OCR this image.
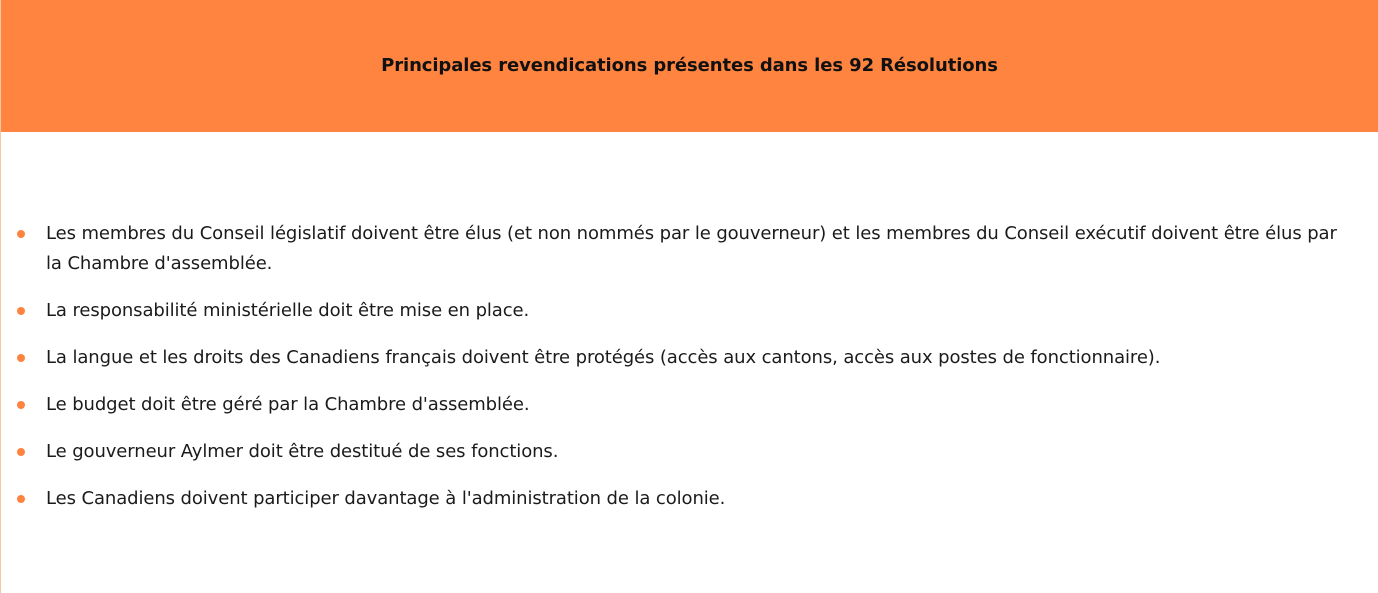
Principales revendications présentes dans les 92 Résolutions
Les membres du Conseil législatif doivent être élus (et non nommés par le gouverneur) et les membres du Conseil exécutif doivent être élus par la Chambre d'assemblée.
La responsabilité ministérielle doit être mise en place.
La langue et les droits des Canadiens français doivent être protégés (accès aux cantons, accès aux postes de fonctionnaire).
Le budget doit être géré par la Chambre d'assemblée.
Le gouverneur Aylmer doit être destitué de ses fonctions.
Les Canadiens doivent participer davantage à l'administration de la colonie.
